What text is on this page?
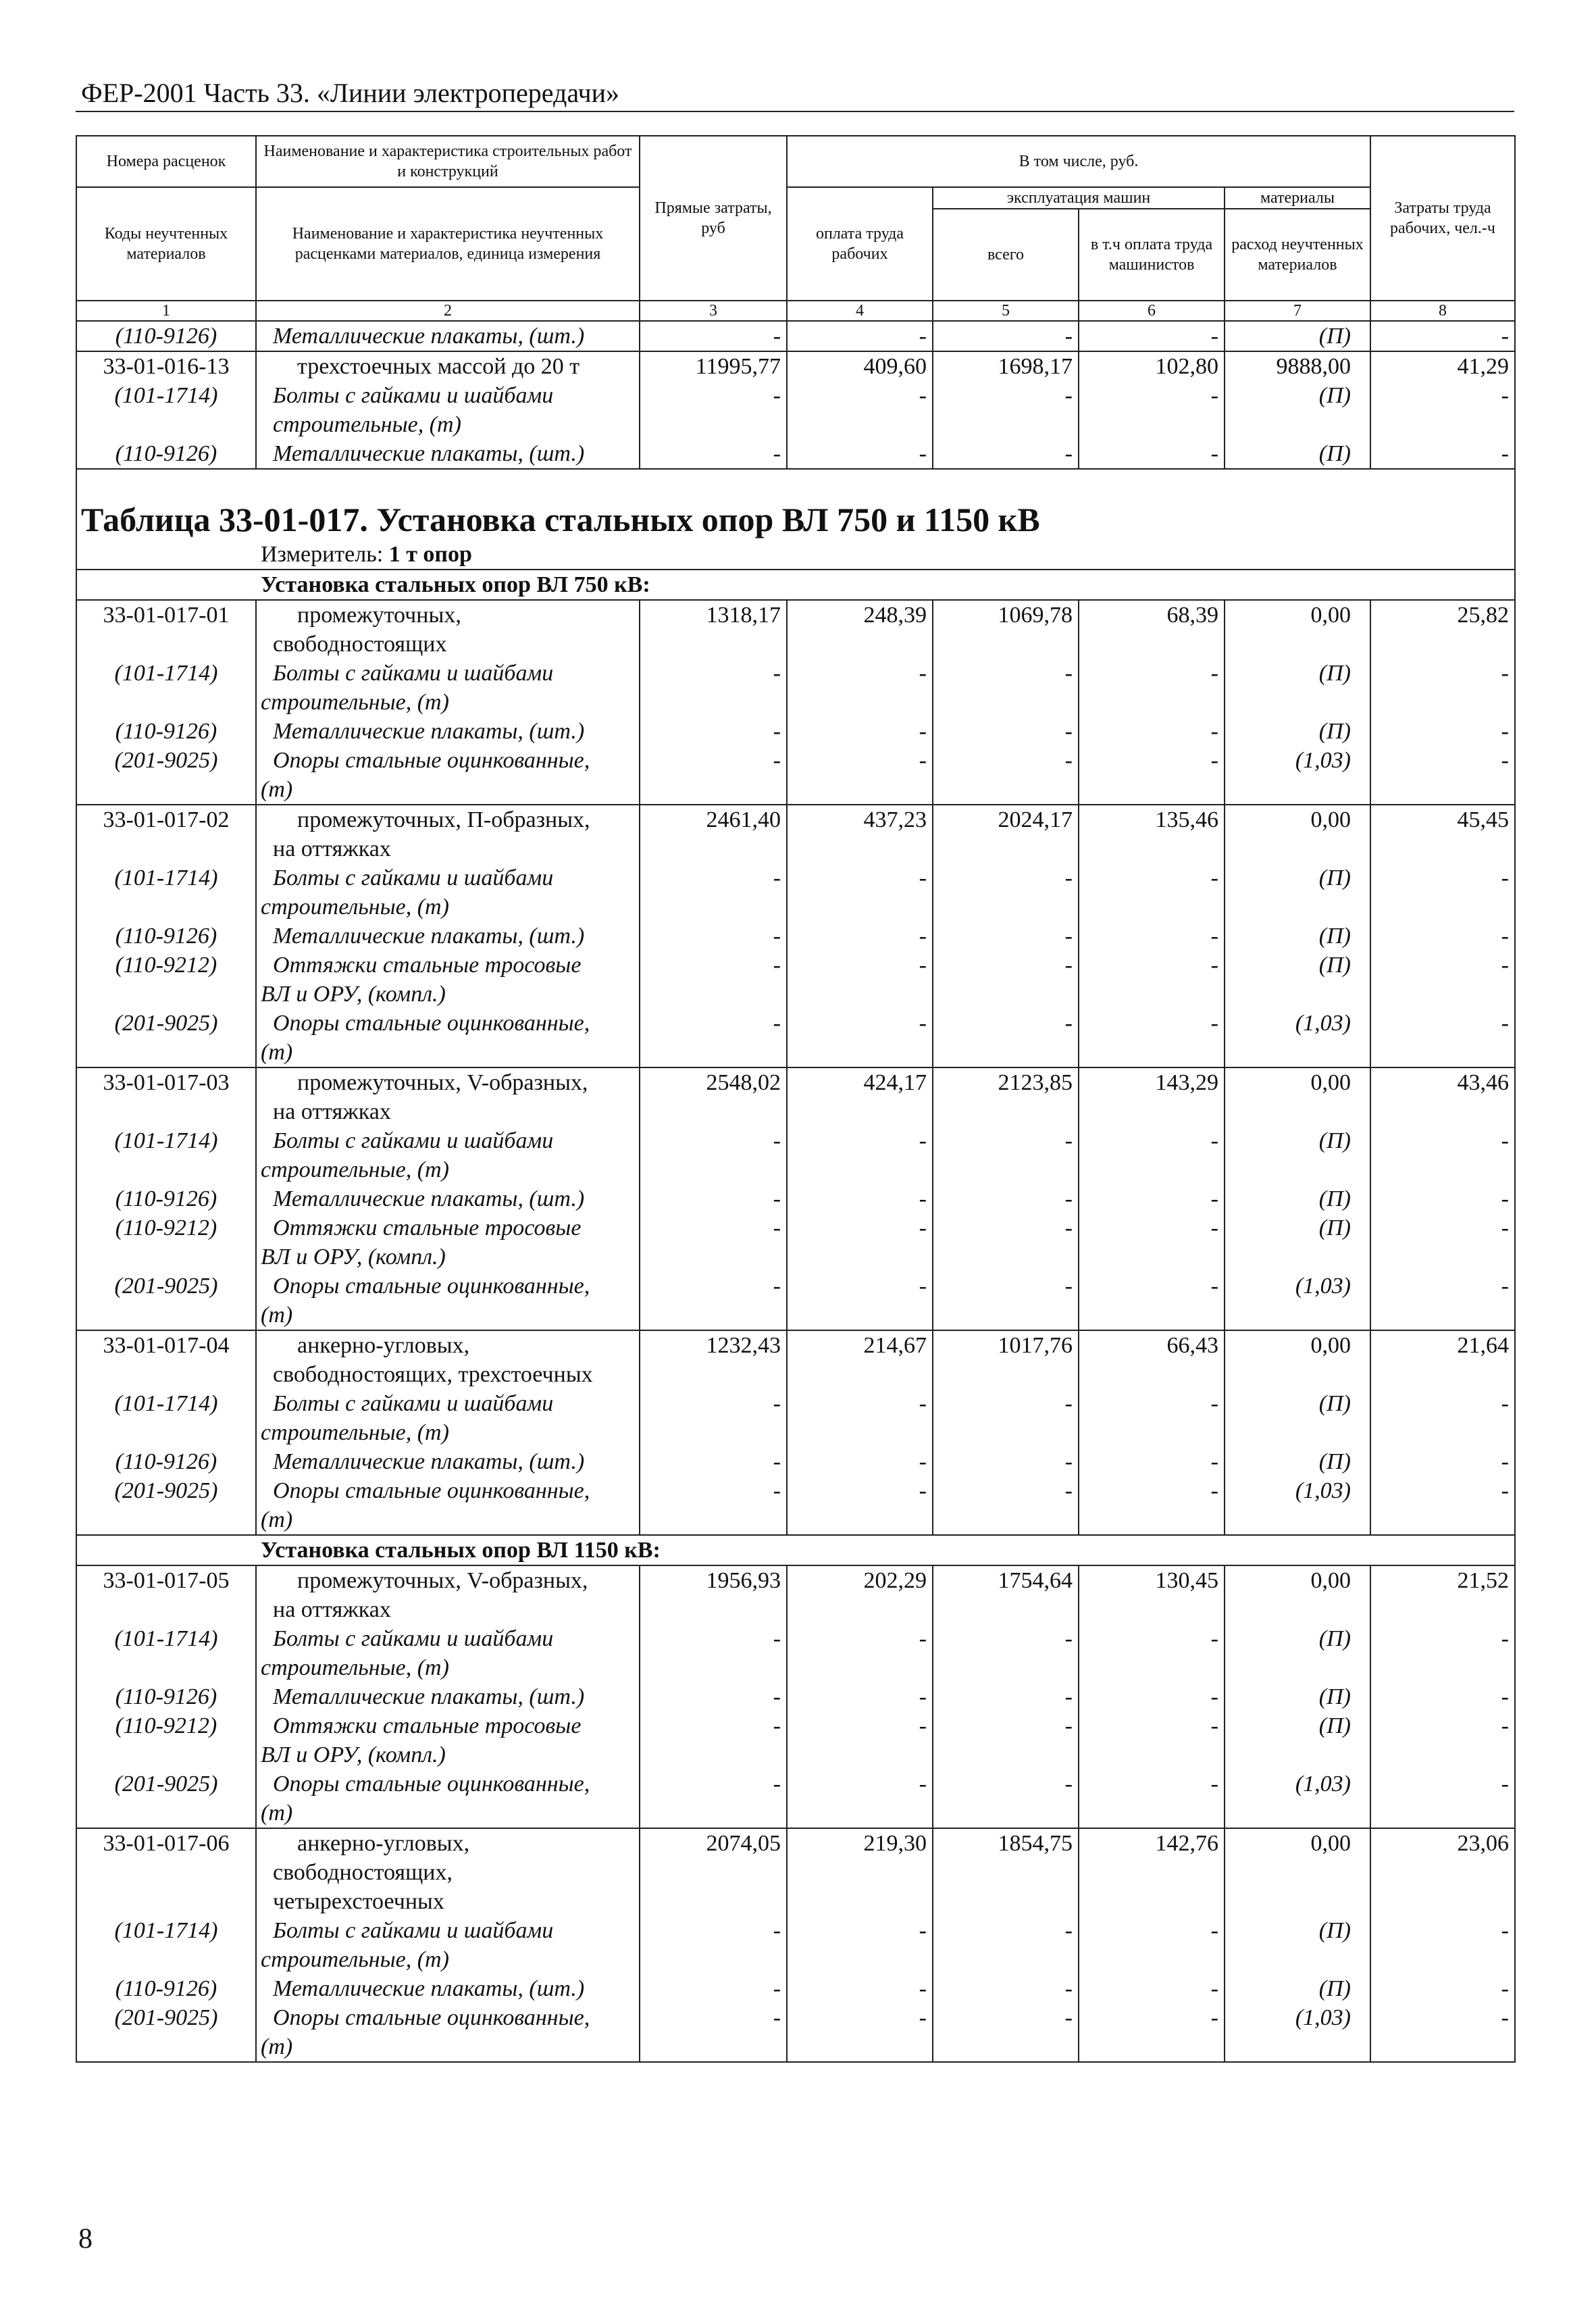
ФЕР-2001 Часть 33. «Линии электропередачи»
Номера расценок	Наименование и характеристика строительных работ и конструкций	Прямые затраты, руб	В том числе, руб.				Затраты труда рабочих, чел.-ч
Коды неучтенных материалов	Наименование и характеристика неучтенных расценками материалов, единица измерения		оплата труда рабочих	эксплуатация машин		материалы	
				всего	в т.ч оплата труда машинистов	расход неучтенных материалов	
1	2	3	4	5	6	7	8
(110-9126)	Металлические плакаты, (шт.)	-	-	-	-	(П)	-
33-01-016-13	трехстоечных массой до 20 т	11995,77	409,60	1698,17	102,80	9888,00	41,29
(101-1714)	Болты с гайками и шайбами	-	-	-	-	(П)	-
	строительные, (т)						
(110-9126)	Металлические плакаты, (шт.)	-	-	-	-	(П)	-
Таблица 33-01-017. Установка стальных опор ВЛ 750 и 1150 кВ							
Измеритель: 1 т опор							
Установка стальных опор ВЛ 750 кВ:							
33-01-017-01	промежуточных,	1318,17	248,39	1069,78	68,39	0,00	25,82
	свободностоящих						
(101-1714)	Болты с гайками и шайбами	-	-	-	-	(П)	-
	строительные, (т)						
(110-9126)	Металлические плакаты, (шт.)	-	-	-	-	(П)	-
(201-9025)	Опоры стальные оцинкованные,	-	-	-	-	(1,03)	-
	(т)						
33-01-017-02	промежуточных, П-образных,	2461,40	437,23	2024,17	135,46	0,00	45,45
	на оттяжках						
(101-1714)	Болты с гайками и шайбами	-	-	-	-	(П)	-
	строительные, (т)						
(110-9126)	Металлические плакаты, (шт.)	-	-	-	-	(П)	-
(110-9212)	Оттяжки стальные тросовые	-	-	-	-	(П)	-
	ВЛ и ОРУ, (компл.)						
(201-9025)	Опоры стальные оцинкованные,	-	-	-	-	(1,03)	-
	(т)						
33-01-017-03	промежуточных, V-образных,	2548,02	424,17	2123,85	143,29	0,00	43,46
	на оттяжках						
(101-1714)	Болты с гайками и шайбами	-	-	-	-	(П)	-
	строительные, (т)						
(110-9126)	Металлические плакаты, (шт.)	-	-	-	-	(П)	-
(110-9212)	Оттяжки стальные тросовые	-	-	-	-	(П)	-
	ВЛ и ОРУ, (компл.)						
(201-9025)	Опоры стальные оцинкованные,	-	-	-	-	(1,03)	-
	(т)						
33-01-017-04	анкерно-угловых,	1232,43	214,67	1017,76	66,43	0,00	21,64
	свободностоящих, трехстоечных						
(101-1714)	Болты с гайками и шайбами	-	-	-	-	(П)	-
	строительные, (т)						
(110-9126)	Металлические плакаты, (шт.)	-	-	-	-	(П)	-
(201-9025)	Опоры стальные оцинкованные,	-	-	-	-	(1,03)	-
	(т)						
Установка стальных опор ВЛ 1150 кВ:							
33-01-017-05	промежуточных, V-образных,	1956,93	202,29	1754,64	130,45	0,00	21,52
	на оттяжках						
(101-1714)	Болты с гайками и шайбами	-	-	-	-	(П)	-
	строительные, (т)						
(110-9126)	Металлические плакаты, (шт.)	-	-	-	-	(П)	-
(110-9212)	Оттяжки стальные тросовые	-	-	-	-	(П)	-
	ВЛ и ОРУ, (компл.)						
(201-9025)	Опоры стальные оцинкованные,	-	-	-	-	(1,03)	-
	(т)						
33-01-017-06	анкерно-угловых,	2074,05	219,30	1854,75	142,76	0,00	23,06
	свободностоящих,						
	четырехстоечных						
(101-1714)	Болты с гайками и шайбами	-	-	-	-	(П)	-
	строительные, (т)						
(110-9126)	Металлические плакаты, (шт.)	-	-	-	-	(П)	-
(201-9025)	Опоры стальные оцинкованные,	-	-	-	-	(1,03)	-
	(т)						
8
